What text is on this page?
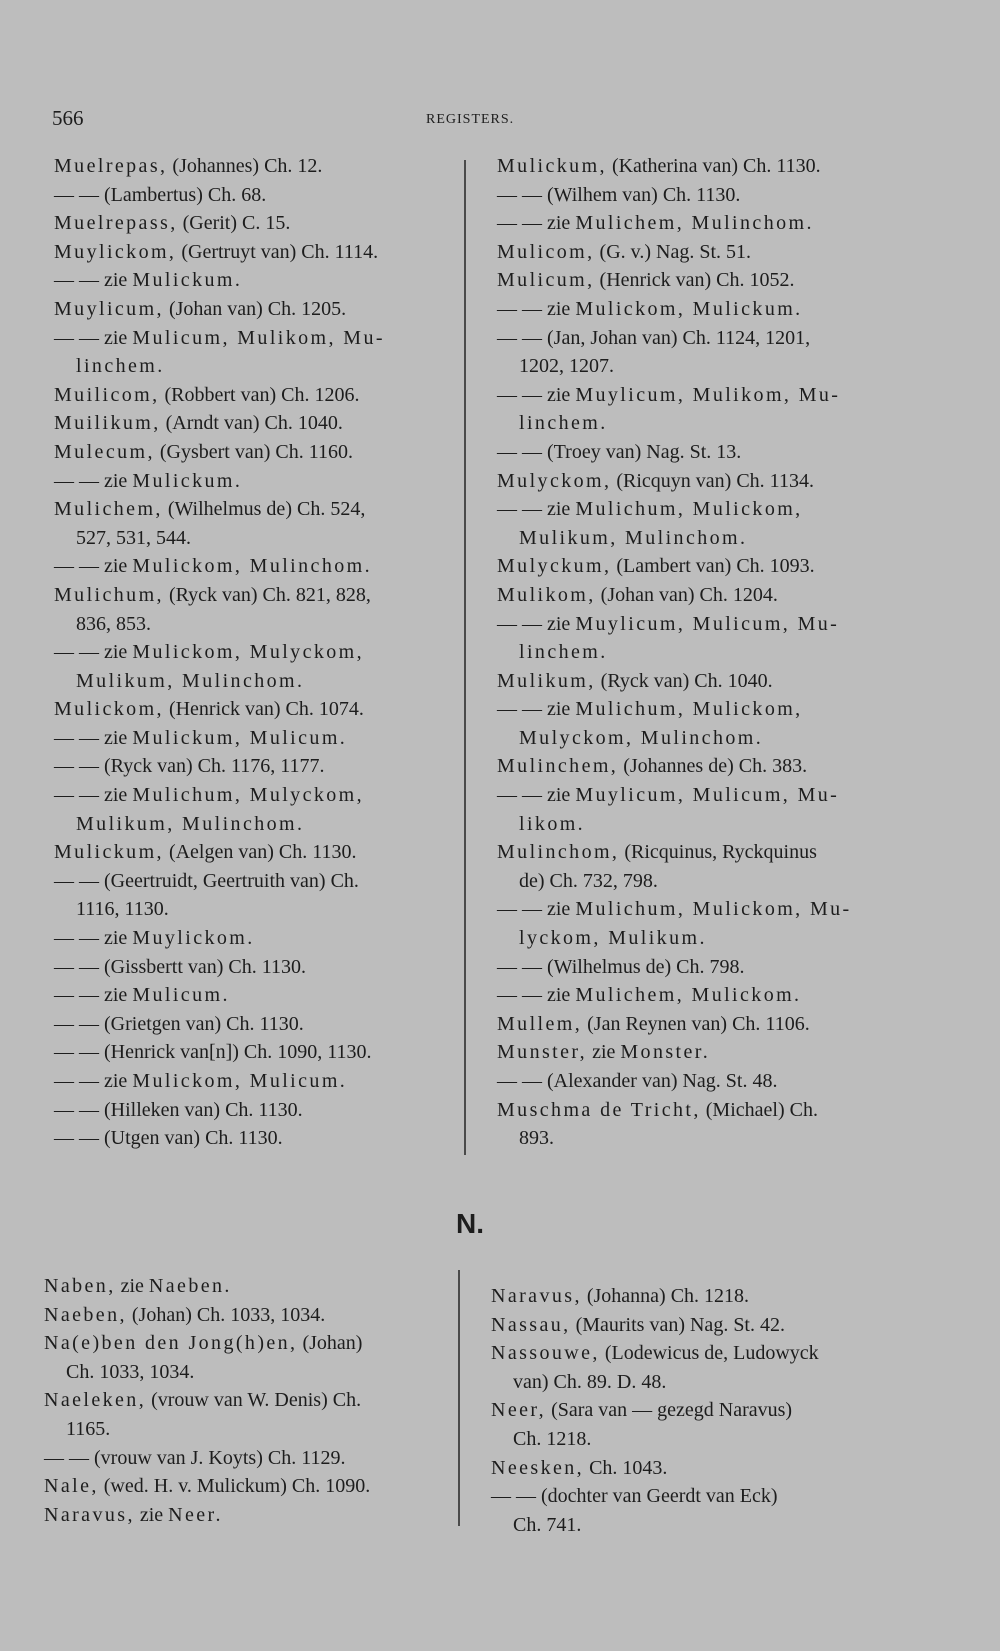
566	REGISTERS.
Muelrepas, (Johannes) Ch. 12.
— — (Lambertus) Ch. 68.
Muelrepass, (Gerit) C. 15.
Muylickom, (Gertruyt van) Ch. 1114.
— — zie Mulickum.
Muylicum, (Johan van) Ch. 1205.
— — zie Mulicum, Mulikom, Mu-
linchem.
Muilicom, (Robbert van) Ch. 1206.
Muilikum, (Arndt van) Ch. 1040.
Mulecum, (Gysbert van) Ch. 1160.
— — zie Mulickum.
Mulichem, (Wilhelmus de) Ch. 524,
527, 531, 544.
— — zie Mulickom, Mulinchom.
Mulichum, (Ryck van) Ch. 821, 828,
836, 853.
— — zie Mulickom, Mulyckom,
Mulikum, Mulinchom.
Mulickom, (Henrick van) Ch. 1074.
— — zie Mulickum, Mulicum.
— — (Ryck van) Ch. 1176, 1177.
— — zie Mulichum, Mulyckom,
Mulikum, Mulinchom.
Mulickum, (Aelgen van) Ch. 1130.
— — (Geertruidt, Geertruith van) Ch.
1116, 1130.
— — zie Muylickom.
— — (Gissbertt van) Ch. 1130.
— — zie Mulicum.
— — (Grietgen van) Ch. 1130.
— — (Henrick van[n]) Ch. 1090, 1130.
— — zie Mulickom, Mulicum.
— — (Hilleken van) Ch. 1130.
— — (Utgen van) Ch. 1130.
Mulickum, (Katherina van) Ch. 1130.
— — (Wilhem van) Ch. 1130.
— — zie Mulichem, Mulinchom.
Mulicom, (G. v.) Nag. St. 51.
Mulicum, (Henrick van) Ch. 1052.
— — zie Mulickom, Mulickum.
— — (Jan, Johan van) Ch. 1124, 1201,
1202, 1207.
— — zie Muylicum, Mulikom, Mu-
linchem.
— — (Troey van) Nag. St. 13.
Mulyckom, (Ricquyn van) Ch. 1134.
— — zie Mulichum, Mulickom,
Mulikum, Mulinchom.
Mulyckum, (Lambert van) Ch. 1093.
Mulikom, (Johan van) Ch. 1204.
— — zie Muylicum, Mulicum, Mu-
linchem.
Mulikum, (Ryck van) Ch. 1040.
— — zie Mulichum, Mulickom,
Mulyckom, Mulinchom.
Mulinchem, (Johannes de) Ch. 383.
— — zie Muylicum, Mulicum, Mu-
likom.
Mulinchom, (Ricquinus, Ryckquinus
de) Ch. 732, 798.
— — zie Mulichum, Mulickom, Mu-
lyckom, Mulikum.
— — (Wilhelmus de) Ch. 798.
— — zie Mulichem, Mulickom.
Mullem, (Jan Reynen van) Ch. 1106.
Munster, zie Monster.
— — (Alexander van) Nag. St. 48.
Muschma de Tricht, (Michael) Ch.
893.
N.
Naben, zie Naeben.
Naeben, (Johan) Ch. 1033, 1034.
Na(e)ben den Jong(h)en, (Johan)
Ch. 1033, 1034.
Naeleken, (vrouw van W. Denis) Ch.
1165.
— — (vrouw van J. Koyts) Ch. 1129.
Nale, (wed. H. v. Mulickum) Ch. 1090.
Naravus, zie Neer.
Naravus, (Johanna) Ch. 1218.
Nassau, (Maurits van) Nag. St. 42.
Nassouwe, (Lodewicus de, Ludowyck
van) Ch. 89. D. 48.
Neer, (Sara van — gezegd Naravus)
Ch. 1218.
Neesken, Ch. 1043.
— — (dochter van Geerdt van Eck)
Ch. 741.
